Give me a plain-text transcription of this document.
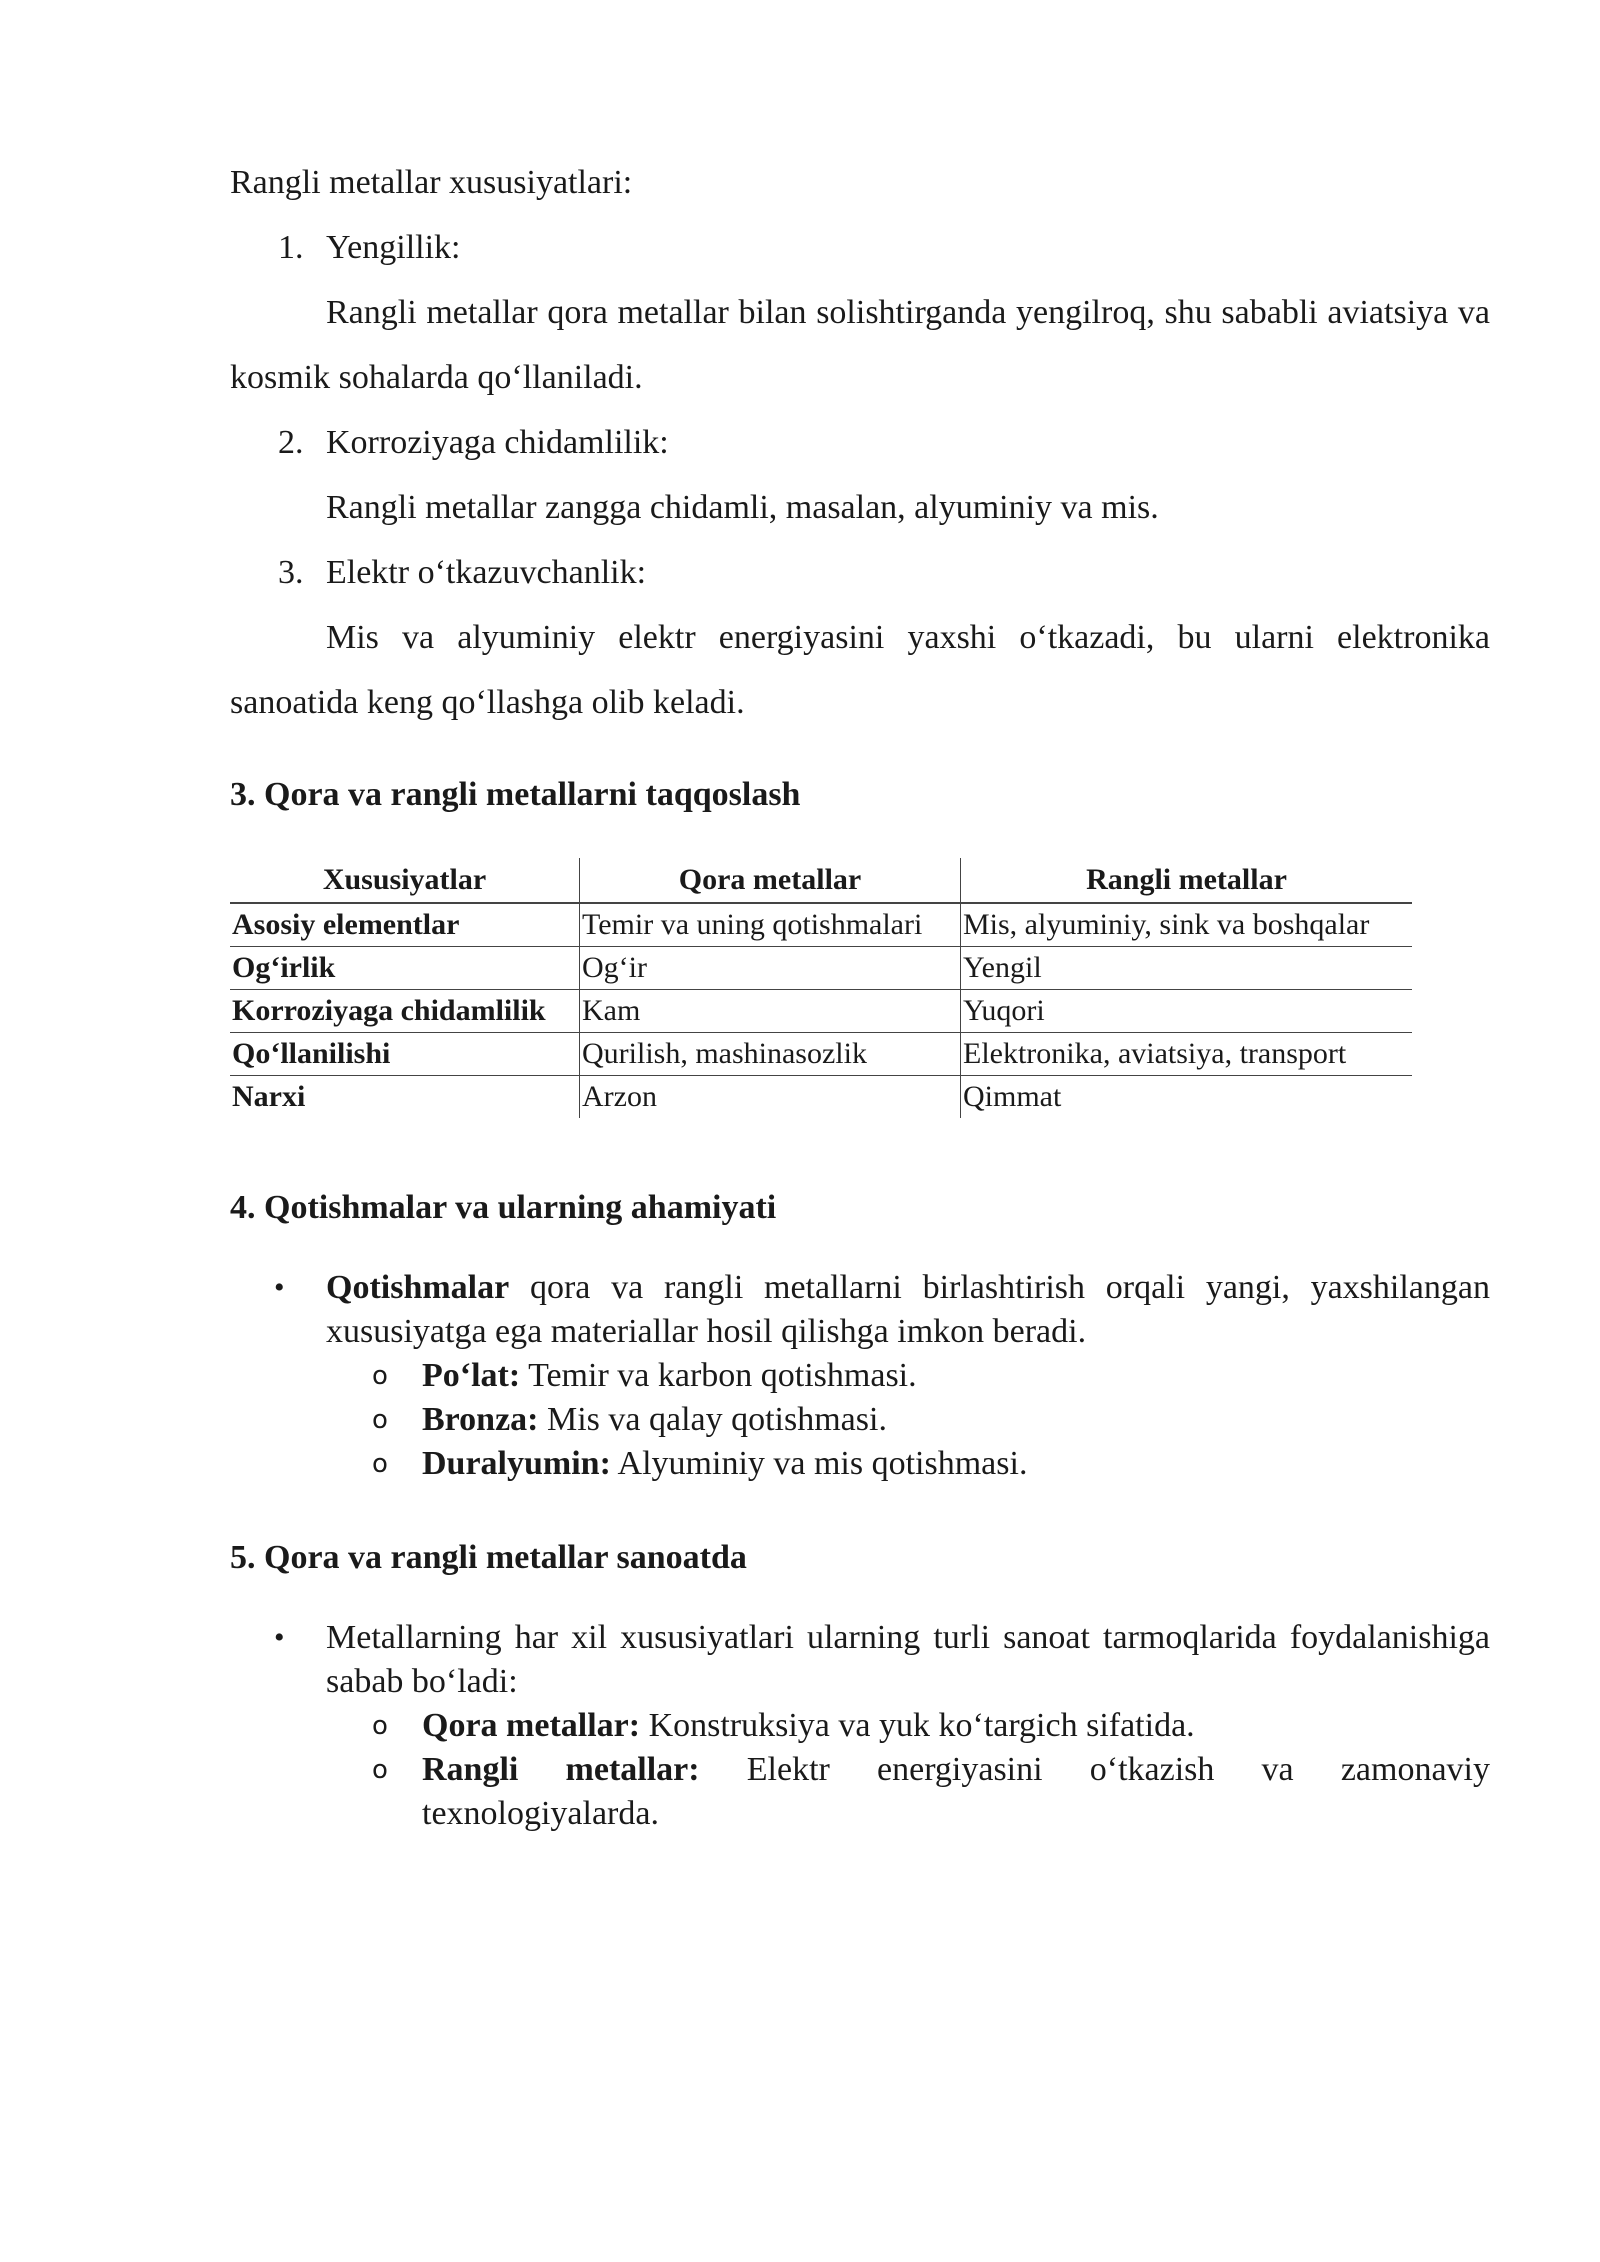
Rangli metallar xususiyatlari:

1. Yengillik:

Rangli metallar qora metallar bilan solishtirganda yengilroq, shu sababli aviatsiya va kosmik sohalarda qo‘llaniladi.

2. Korroziyaga chidamlilik:

Rangli metallar zangga chidamli, masalan, alyuminiy va mis.

3. Elektr o‘tkazuvchanlik:

Mis va alyuminiy elektr energiyasini yaxshi o‘tkazadi, bu ularni elektronika sanoatida keng qo‘llashga olib keladi.

3. Qora va rangli metallarni taqqoslash
Xususiyatlar	Qora metallar	Rangli metallar
Asosiy elementlar	Temir va uning qotishmalari	Mis, alyuminiy, sink va boshqalar
Og‘irlik	Og‘ir	Yengil
Korroziyaga chidamlilik	Kam	Yuqori
Qo‘llanilishi	Qurilish, mashinasozlik	Elektronika, aviatsiya, transport
Narxi	Arzon	Qimmat
4. Qotishmalar va ularning ahamiyati
•	Qotishmalar qora va rangli metallarni birlashtirish orqali yangi, yaxshilangan xususiyatga ega materiallar hosil qilishga imkon beradi.
o	Po‘lat: Temir va karbon qotishmasi.
o	Bronza: Mis va qalay qotishmasi.
o	Duralyumin: Alyuminiy va mis qotishmasi.
5. Qora va rangli metallar sanoatda
•	Metallarning har xil xususiyatlari ularning turli sanoat tarmoqlarida foydalanishiga sabab bo‘ladi:
o	Qora metallar: Konstruksiya va yuk ko‘targich sifatida.
o	Rangli metallar: Elektr energiyasini o‘tkazish va zamonaviy texnologiyalarda.
